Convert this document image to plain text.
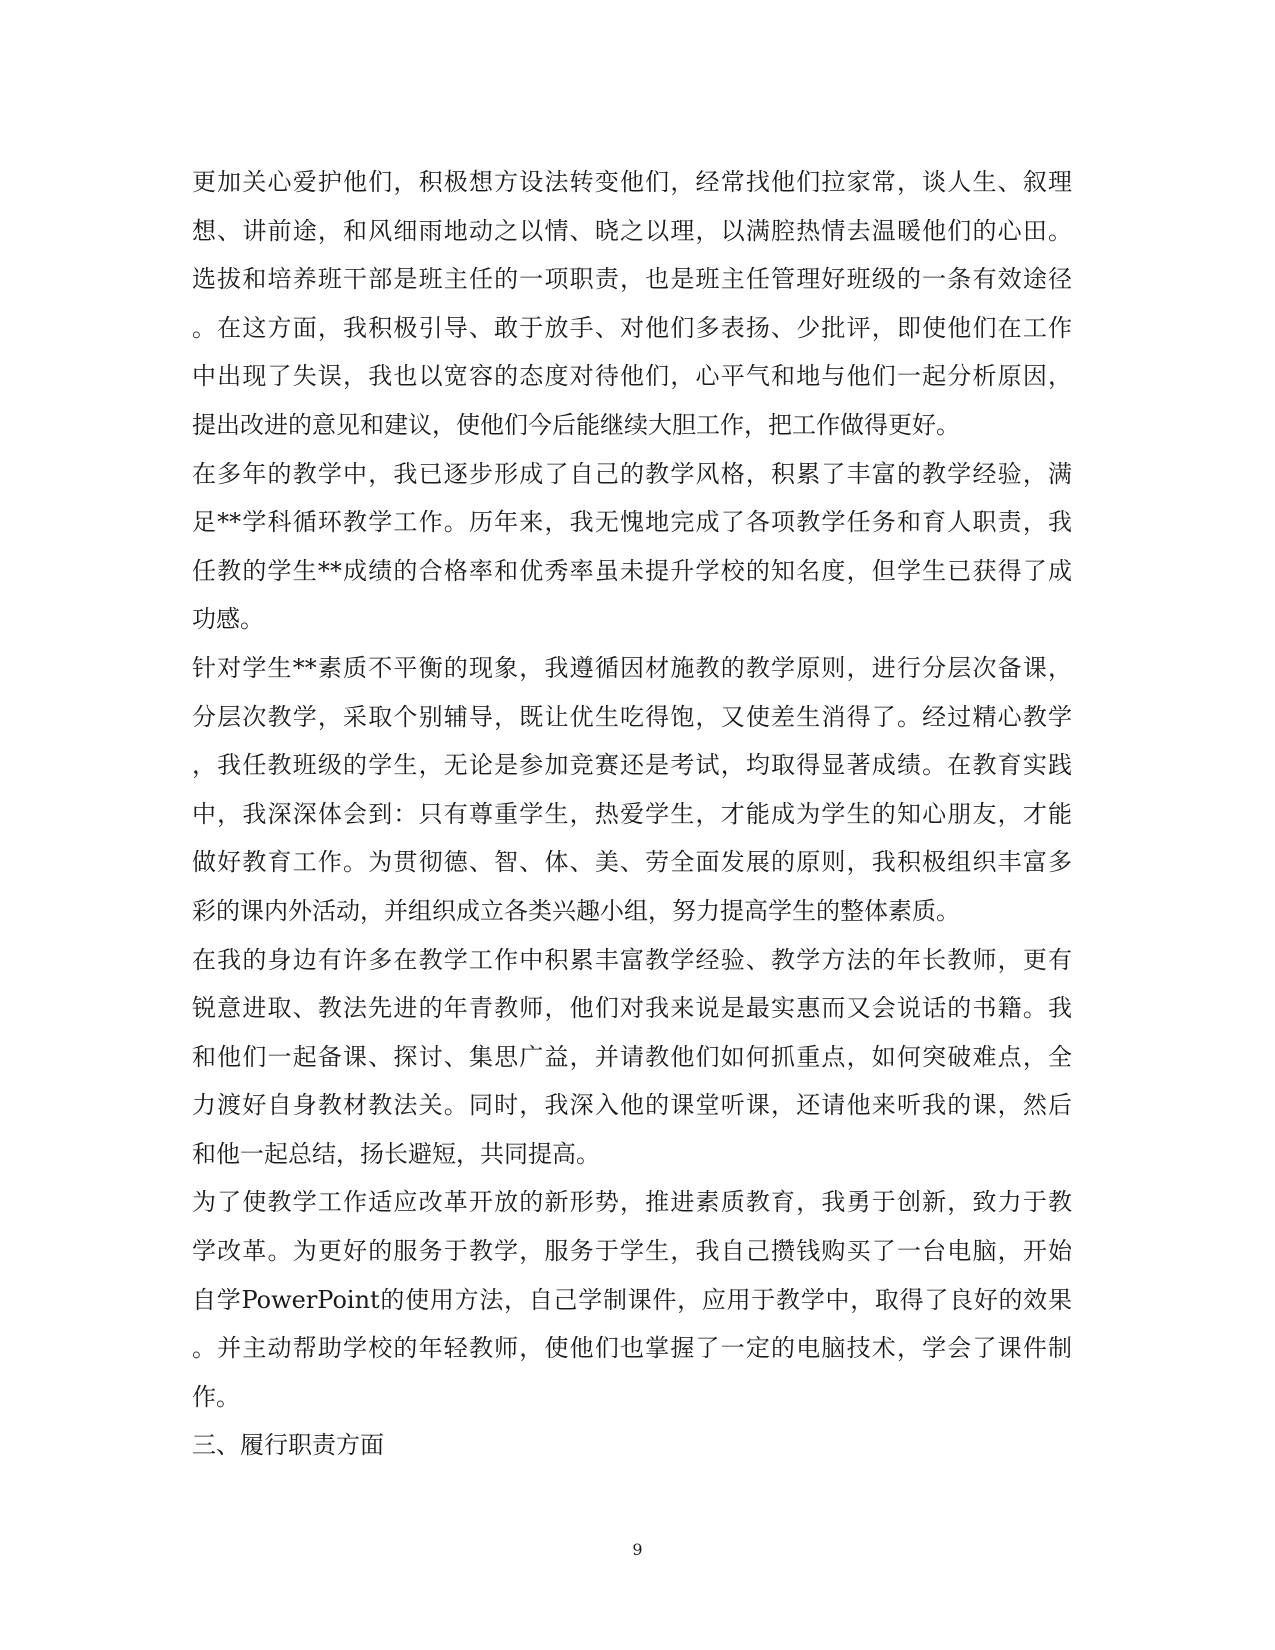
更加关心爱护他们，积极想方设法转变他们，经常找他们拉家常，谈人生、叙理
想、讲前途，和风细雨地动之以情、晓之以理，以满腔热情去温暖他们的心田。
选拔和培养班干部是班主任的一项职责，也是班主任管理好班级的一条有效途径
。在这方面，我积极引导、敢于放手、对他们多表扬、少批评，即使他们在工作
中出现了失误，我也以宽容的态度对待他们，心平气和地与他们一起分析原因，
提出改进的意见和建议，使他们今后能继续大胆工作，把工作做得更好。
在多年的教学中，我已逐步形成了自己的教学风格，积累了丰富的教学经验，满
足**学科循环教学工作。历年来，我无愧地完成了各项教学任务和育人职责，我
任教的学生**成绩的合格率和优秀率虽未提升学校的知名度，但学生已获得了成
功感。
针对学生**素质不平衡的现象，我遵循因材施教的教学原则，进行分层次备课，
分层次教学，采取个别辅导，既让优生吃得饱，又使差生消得了。经过精心教学
，我任教班级的学生，无论是参加竞赛还是考试，均取得显著成绩。在教育实践
中，我深深体会到：只有尊重学生，热爱学生，才能成为学生的知心朋友，才能
做好教育工作。为贯彻德、智、体、美、劳全面发展的原则，我积极组织丰富多
彩的课内外活动，并组织成立各类兴趣小组，努力提高学生的整体素质。
在我的身边有许多在教学工作中积累丰富教学经验、教学方法的年长教师，更有
锐意进取、教法先进的年青教师，他们对我来说是最实惠而又会说话的书籍。我
和他们一起备课、探讨、集思广益，并请教他们如何抓重点，如何突破难点，全
力渡好自身教材教法关。同时，我深入他的课堂听课，还请他来听我的课，然后
和他一起总结，扬长避短，共同提高。
为了使教学工作适应改革开放的新形势，推进素质教育，我勇于创新，致力于教
学改革。为更好的服务于教学，服务于学生，我自己攒钱购买了一台电脑，开始
自学PowerPoint的使用方法，自己学制课件，应用于教学中，取得了良好的效果
。并主动帮助学校的年轻教师，使他们也掌握了一定的电脑技术，学会了课件制
作。
三、履行职责方面
9
